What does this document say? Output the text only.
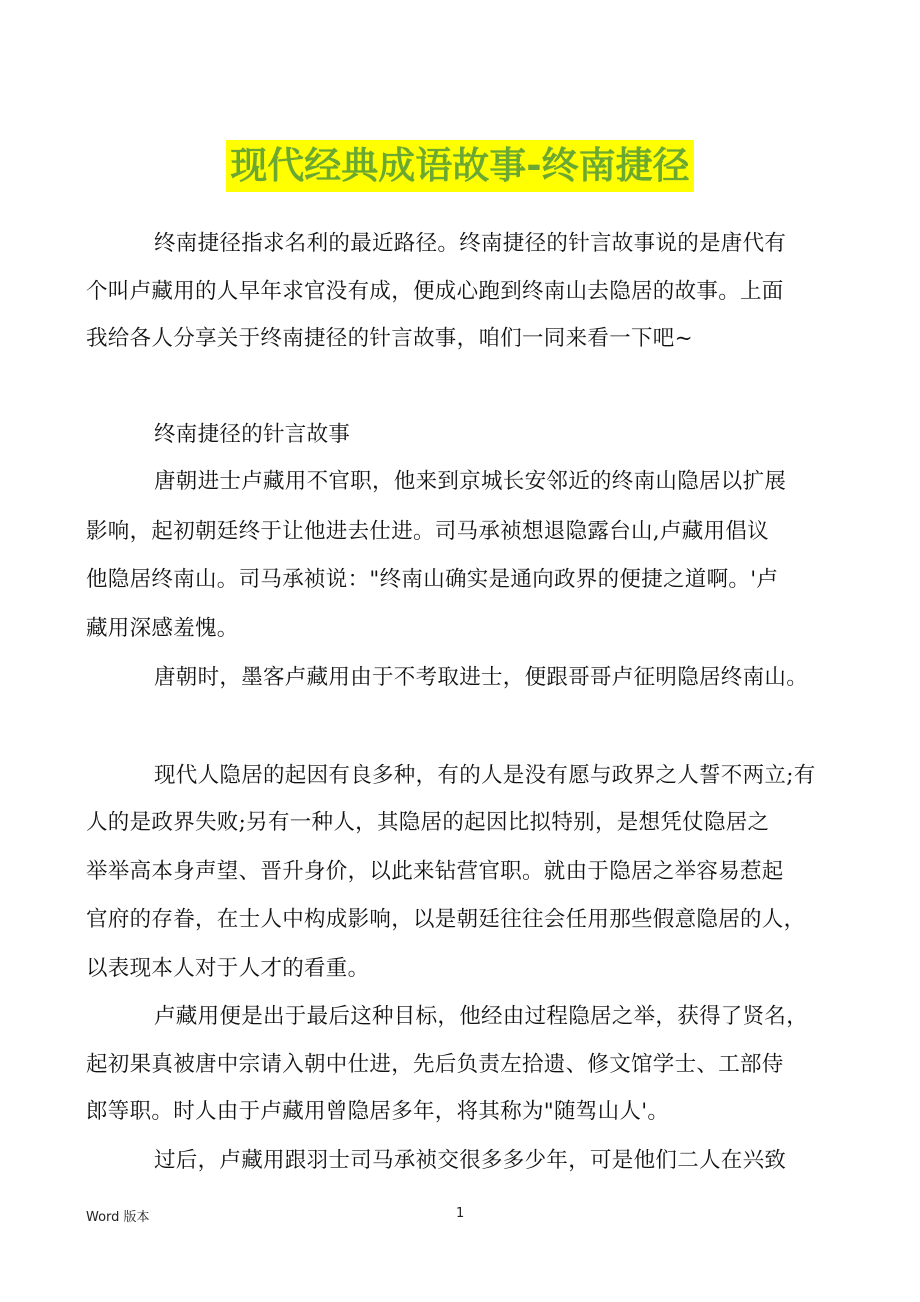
现代经典成语故事-终南捷径
终南捷径指求名利的最近路径。终南捷径的针言故事说的是唐代有
个叫卢藏用的人早年求官没有成，便成心跑到终南山去隐居的故事。上面
我给各人分享关于终南捷径的针言故事，咱们一同来看一下吧~
终南捷径的针言故事
唐朝进士卢藏用不官职，他来到京城长安邻近的终南山隐居以扩展
影响，起初朝廷终于让他进去仕进。司马承祯想退隐露台山,卢藏用倡议
他隐居终南山。司马承祯说："终南山确实是通向政界的便捷之道啊。'卢
藏用深感羞愧。
唐朝时，墨客卢藏用由于不考取进士，便跟哥哥卢征明隐居终南山。
现代人隐居的起因有良多种，有的人是没有愿与政界之人誓不两立;有
人的是政界失败;另有一种人，其隐居的起因比拟特别，是想凭仗隐居之
举举高本身声望、晋升身价，以此来钻营官职。就由于隐居之举容易惹起
官府的存眷，在士人中构成影响，以是朝廷往往会任用那些假意隐居的人，
以表现本人对于人才的看重。
卢藏用便是出于最后这种目标，他经由过程隐居之举，获得了贤名，
起初果真被唐中宗请入朝中仕进，先后负责左拾遗、修文馆学士、工部侍
郎等职。时人由于卢藏用曾隐居多年，将其称为"随驾山人'。
过后，卢藏用跟羽士司马承祯交很多多少年，可是他们二人在兴致
Word 版本	1
